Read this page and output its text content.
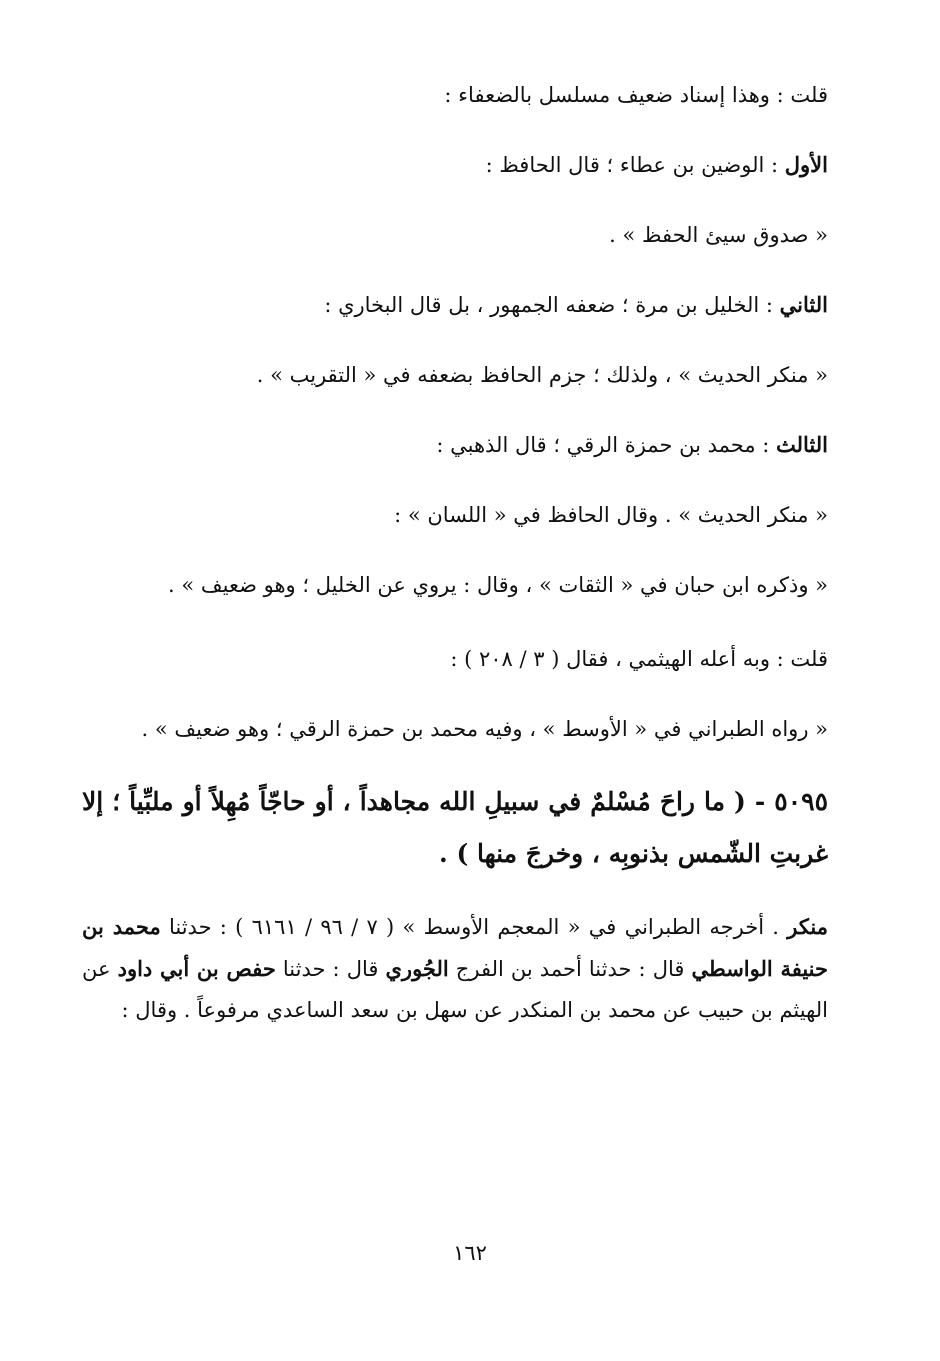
قلت : وهذا إسناد ضعيف مسلسل بالضعفاء :

الأول : الوضين بن عطاء ؛ قال الحافظ :

« صدوق سيئ الحفظ » .

الثاني : الخليل بن مرة ؛ ضعفه الجمهور ، بل قال البخاري :

« منكر الحديث » ، ولذلك ؛ جزم الحافظ بضعفه في « التقريب » .

الثالث : محمد بن حمزة الرقي ؛ قال الذهبي :

« منكر الحديث » . وقال الحافظ في « اللسان » :

« وذكره ابن حبان في « الثقات » ، وقال : يروي عن الخليل ؛ وهو ضعيف » .

قلت : وبه أعله الهيثمي ، فقال ( ٣ / ٢٠٨ ) :

« رواه الطبراني في « الأوسط » ، وفيه محمد بن حمزة الرقي ؛ وهو ضعيف » .

٥٠٩٥ - ( ما راحَ مُسْلمٌ في سبيلِ الله مجاهداً ، أو حاجّاً مُهِلاً أو ملبِّياً ؛ إلا غربتِ الشّمس بذنوبِه ، وخرجَ منها ) .

منكر . أخرجه الطبراني في « المعجم الأوسط » ( ٧ / ٩٦ / ٦١٦١ ) : حدثنا محمد بن حنيفة الواسطي قال : حدثنا أحمد بن الفرج الجُوري قال : حدثنا حفص بن أبي داود عن الهيثم بن حبيب عن محمد بن المنكدر عن سهل بن سعد الساعدي مرفوعاً . وقال :

١٦٢
